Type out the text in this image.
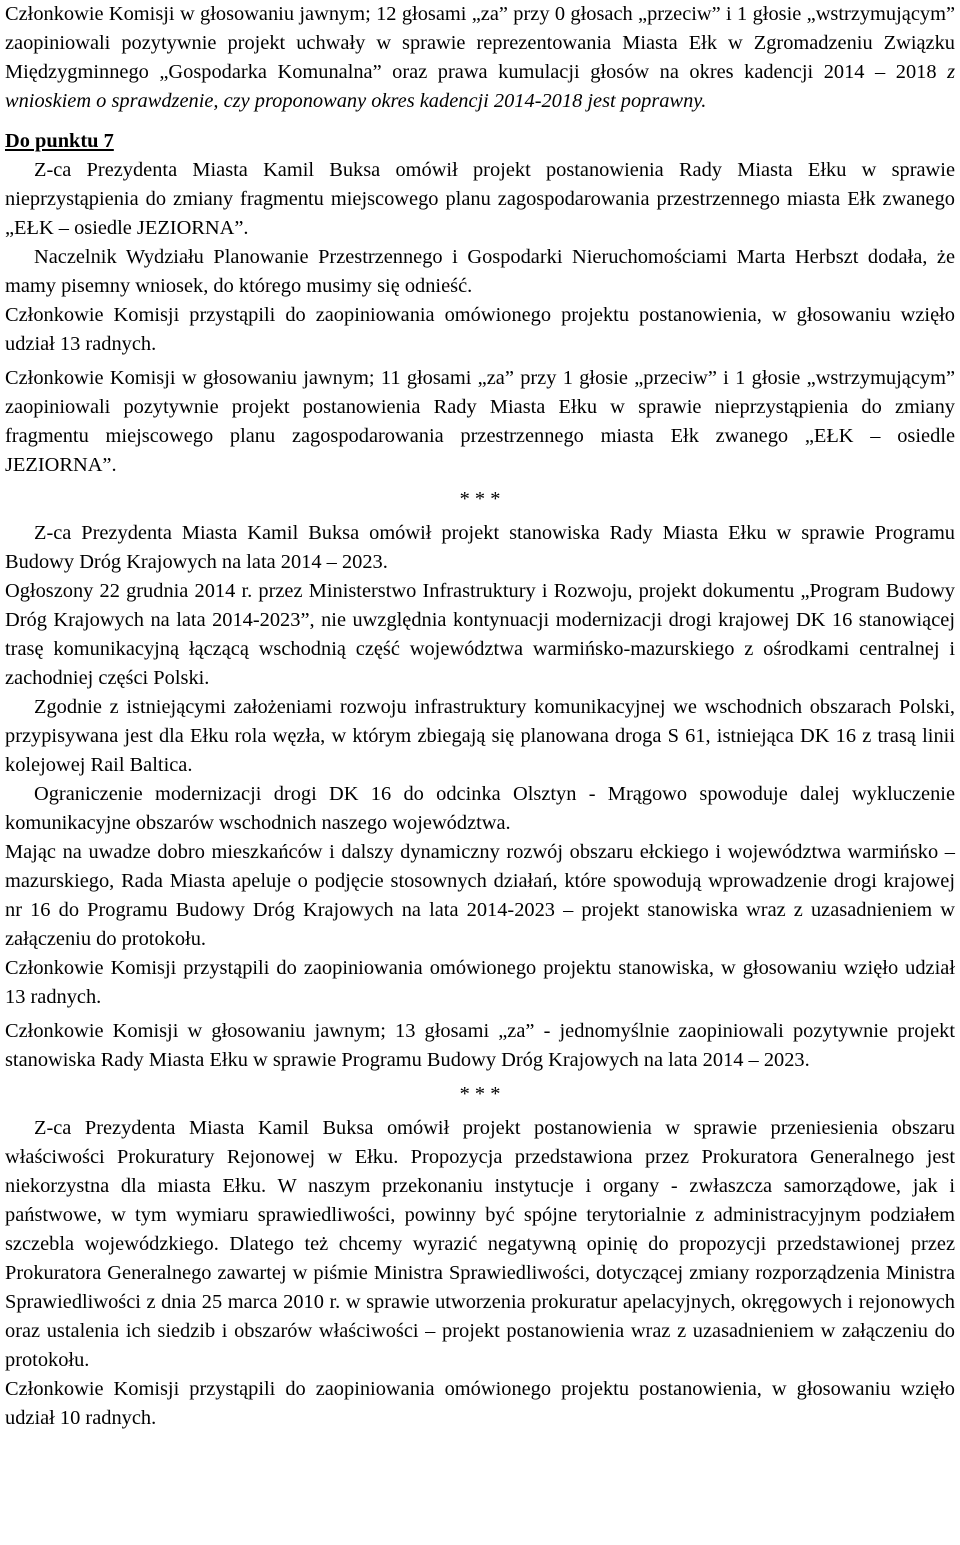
Członkowie Komisji w głosowaniu jawnym; 12 głosami „za” przy 0 głosach „przeciw” i 1 głosie „wstrzymującym” zaopiniowali pozytywnie projekt uchwały w sprawie reprezentowania Miasta Ełk w Zgromadzeniu Związku Międzygminnego „Gospodarka Komunalna” oraz prawa kumulacji głosów na okres kadencji 2014 – 2018 z wnioskiem o sprawdzenie, czy proponowany okres kadencji 2014-2018 jest poprawny.

Do punktu 7

Z-ca Prezydenta Miasta Kamil Buksa omówił projekt postanowienia Rady Miasta Ełku w sprawie nieprzystąpienia do zmiany fragmentu miejscowego planu zagospodarowania przestrzennego miasta Ełk zwanego „EŁK – osiedle JEZIORNA”.

Naczelnik Wydziału Planowanie Przestrzennego i Gospodarki Nieruchomościami Marta Herbszt dodała, że mamy pisemny wniosek, do którego musimy się odnieść.

Członkowie Komisji przystąpili do zaopiniowania omówionego projektu postanowienia, w głosowaniu wzięło udział 13 radnych.

Członkowie Komisji w głosowaniu jawnym; 11 głosami „za” przy 1 głosie „przeciw” i 1 głosie „wstrzymującym” zaopiniowali pozytywnie projekt postanowienia Rady Miasta Ełku w sprawie nieprzystąpienia do zmiany fragmentu miejscowego planu zagospodarowania przestrzennego miasta Ełk zwanego „EŁK – osiedle JEZIORNA”.

* * *

Z-ca Prezydenta Miasta Kamil Buksa omówił projekt stanowiska Rady Miasta Ełku w sprawie Programu Budowy Dróg Krajowych na lata 2014 – 2023.

Ogłoszony 22 grudnia 2014 r. przez Ministerstwo Infrastruktury i Rozwoju, projekt dokumentu „Program Budowy Dróg Krajowych na lata 2014-2023”, nie uwzględnia kontynuacji modernizacji drogi krajowej DK 16 stanowiącej trasę komunikacyjną łączącą wschodnią część województwa warmińsko-mazurskiego z ośrodkami centralnej i zachodniej części Polski.

Zgodnie z istniejącymi założeniami rozwoju infrastruktury komunikacyjnej we wschodnich obszarach Polski, przypisywana jest dla Ełku rola węzła, w którym zbiegają się planowana droga S 61, istniejąca DK 16 z trasą linii kolejowej Rail Baltica.

Ograniczenie modernizacji drogi DK 16 do odcinka Olsztyn - Mrągowo spowoduje dalej wykluczenie komunikacyjne obszarów wschodnich naszego województwa.

Mając na uwadze dobro mieszkańców i dalszy dynamiczny rozwój obszaru ełckiego i województwa warmińsko – mazurskiego, Rada Miasta apeluje o podjęcie stosownych działań, które spowodują wprowadzenie drogi krajowej nr 16 do Programu Budowy Dróg Krajowych na lata 2014-2023 – projekt stanowiska wraz z uzasadnieniem w załączeniu do protokołu.

Członkowie Komisji przystąpili do zaopiniowania omówionego projektu stanowiska, w głosowaniu wzięło udział 13 radnych.

Członkowie Komisji w głosowaniu jawnym; 13 głosami „za” - jednomyślnie zaopiniowali pozytywnie projekt stanowiska Rady Miasta Ełku w sprawie Programu Budowy Dróg Krajowych na lata 2014 – 2023.

* * *

Z-ca Prezydenta Miasta Kamil Buksa omówił projekt postanowienia w sprawie przeniesienia obszaru właściwości Prokuratury Rejonowej w Ełku. Propozycja przedstawiona przez Prokuratora Generalnego jest niekorzystna dla miasta Ełku. W naszym przekonaniu instytucje i organy - zwłaszcza samorządowe, jak i państwowe, w tym wymiaru sprawiedliwości, powinny być spójne terytorialnie z administracyjnym podziałem szczebla wojewódzkiego. Dlatego też chcemy wyrazić negatywną opinię do propozycji przedstawionej przez Prokuratora Generalnego zawartej w piśmie Ministra Sprawiedliwości, dotyczącej zmiany rozporządzenia Ministra Sprawiedliwości z dnia 25 marca 2010 r. w sprawie utworzenia prokuratur apelacyjnych, okręgowych i rejonowych oraz ustalenia ich siedzib i obszarów właściwości – projekt postanowienia wraz z uzasadnieniem w załączeniu do protokołu.

Członkowie Komisji przystąpili do zaopiniowania omówionego projektu postanowienia, w głosowaniu wzięło udział 10 radnych.
